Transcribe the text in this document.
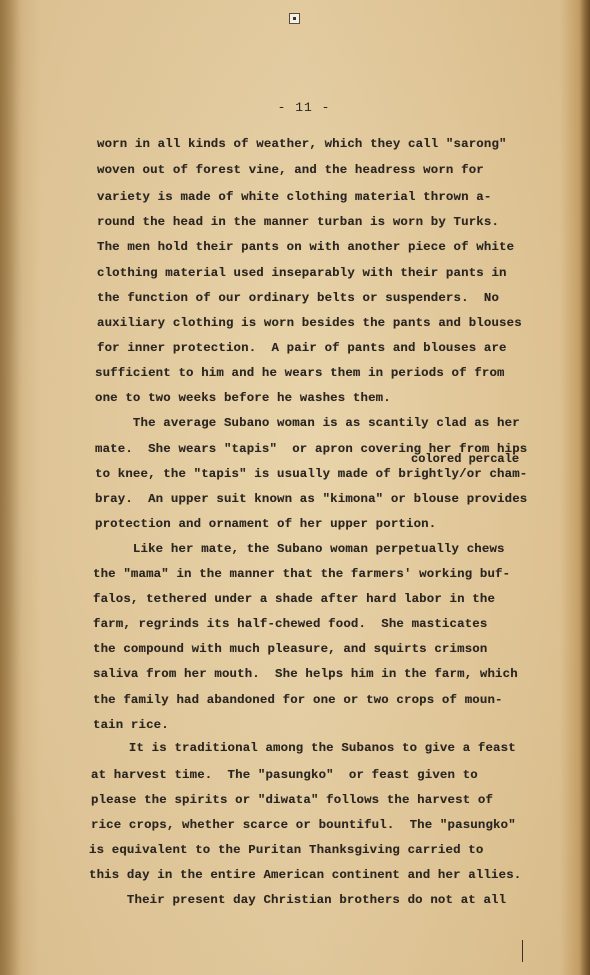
- 11 -
worn in all kinds of weather, which they call "sarong"
woven out of forest vine, and the headress worn for
variety is made of white clothing material thrown a-
round the head in the manner turban is worn by Turks.
The men hold their pants on with another piece of white
clothing material used inseparably with their pants in
the function of our ordinary belts or suspenders.  No
auxiliary clothing is worn besides the pants and blouses
for inner protection.  A pair of pants and blouses are
sufficient to him and he wears them in periods of from
one to two weeks before he washes them.
The average Subano woman is as scantily clad as her
mate.  She wears "tapis"  or apron covering her from hips
to knee, the "tapis" is usually made of brightly/or cham-
bray.  An upper suit known as "kimona" or blouse provides
protection and ornament of her upper portion.
Like her mate, the Subano woman perpetually chews
the "mama" in the manner that the farmers' working buf-
falos, tethered under a shade after hard labor in the
farm, regrinds its half-chewed food.  She masticates
the compound with much pleasure, and squirts crimson
saliva from her mouth.  She helps him in the farm, which
the family had abandoned for one or two crops of moun-
tain rice.
It is traditional among the Subanos to give a feast
at harvest time.  The "pasungko"  or feast given to
please the spirits or "diwata" follows the harvest of
rice crops, whether scarce or bountiful.  The "pasungko"
is equivalent to the Puritan Thanksgiving carried to
this day in the entire American continent and her allies.
Their present day Christian brothers do not at all
colored percale
